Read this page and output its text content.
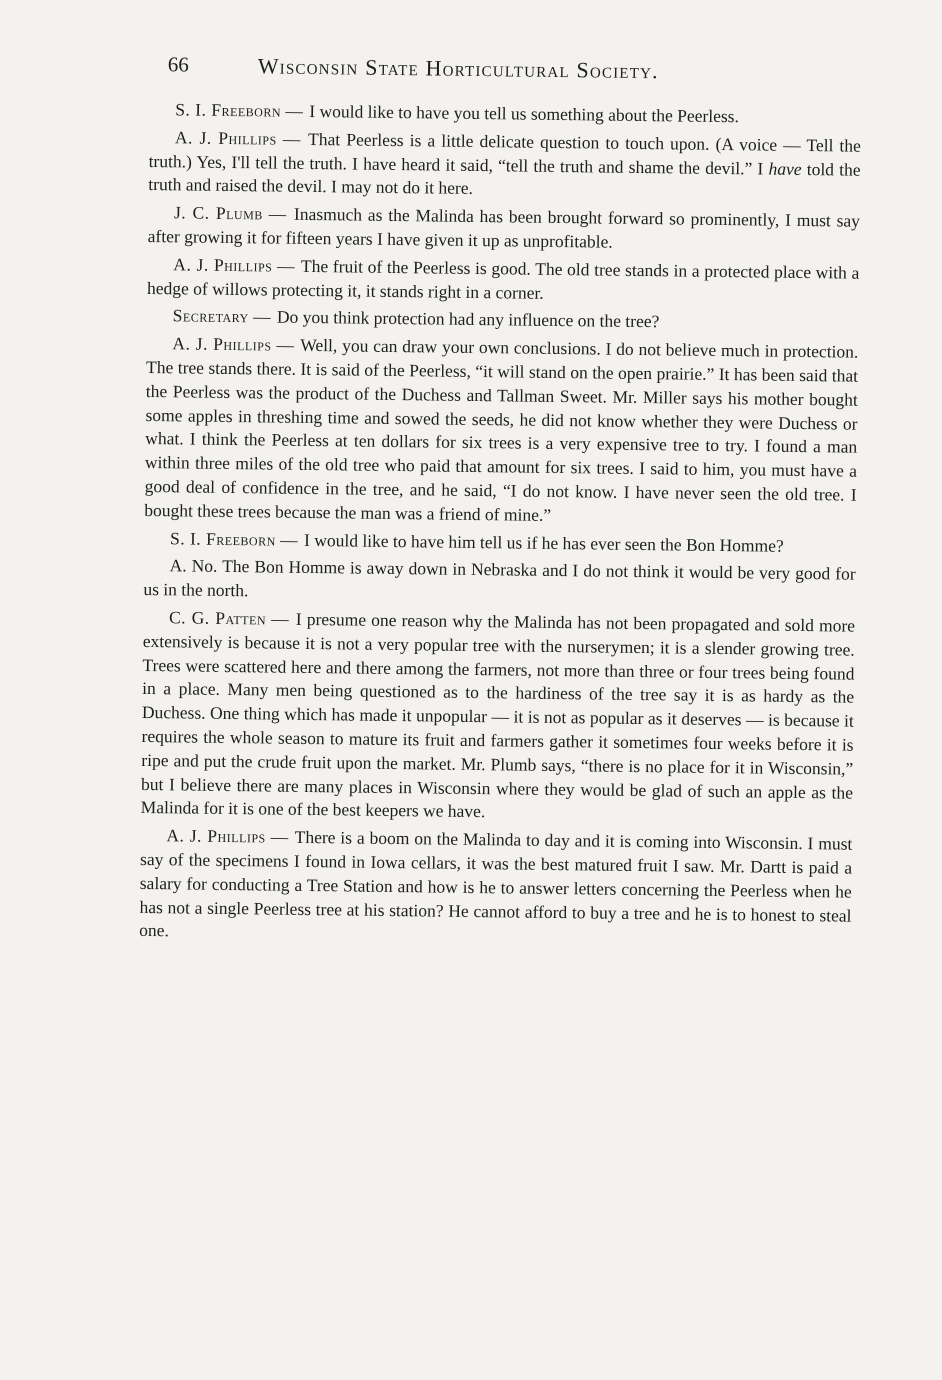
66	Wisconsin State Horticultural Society.

S. I. Freeborn — I would like to have you tell us something about the Peerless.

A. J. Phillips — That Peerless is a little delicate question to touch upon. (A voice — Tell the truth.) Yes, I'll tell the truth. I have heard it said, “tell the truth and shame the devil.” I have told the truth and raised the devil. I may not do it here.

J. C. Plumb — Inasmuch as the Malinda has been brought forward so prominently, I must say after growing it for fifteen years I have given it up as unprofitable.

A. J. Phillips — The fruit of the Peerless is good. The old tree stands in a protected place with a hedge of willows protecting it, it stands right in a corner.

Secretary — Do you think protection had any influence on the tree?

A. J. Phillips — Well, you can draw your own conclusions. I do not believe much in protection. The tree stands there. It is said of the Peerless, “it will stand on the open prairie.” It has been said that the Peerless was the product of the Duchess and Tallman Sweet. Mr. Miller says his mother bought some apples in threshing time and sowed the seeds, he did not know whether they were Duchess or what. I think the Peerless at ten dollars for six trees is a very expensive tree to try. I found a man within three miles of the old tree who paid that amount for six trees. I said to him, you must have a good deal of confidence in the tree, and he said, “I do not know. I have never seen the old tree. I bought these trees because the man was a friend of mine.”

S. I. Freeborn — I would like to have him tell us if he has ever seen the Bon Homme?

A. No. The Bon Homme is away down in Nebraska and I do not think it would be very good for us in the north.

C. G. Patten — I presume one reason why the Malinda has not been propagated and sold more extensively is because it is not a very popular tree with the nurserymen; it is a slender growing tree. Trees were scattered here and there among the farmers, not more than three or four trees being found in a place. Many men being questioned as to the hardiness of the tree say it is as hardy as the Duchess. One thing which has made it unpopular — it is not as popular as it deserves — is because it requires the whole season to mature its fruit and farmers gather it sometimes four weeks before it is ripe and put the crude fruit upon the market. Mr. Plumb says, “there is no place for it in Wisconsin,” but I believe there are many places in Wisconsin where they would be glad of such an apple as the Malinda for it is one of the best keepers we have.

A. J. Phillips — There is a boom on the Malinda to day and it is coming into Wisconsin. I must say of the specimens I found in Iowa cellars, it was the best matured fruit I saw. Mr. Dartt is paid a salary for conducting a Tree Station and how is he to answer letters concerning the Peerless when he has not a single Peerless tree at his station? He cannot afford to buy a tree and he is to honest to steal one.
